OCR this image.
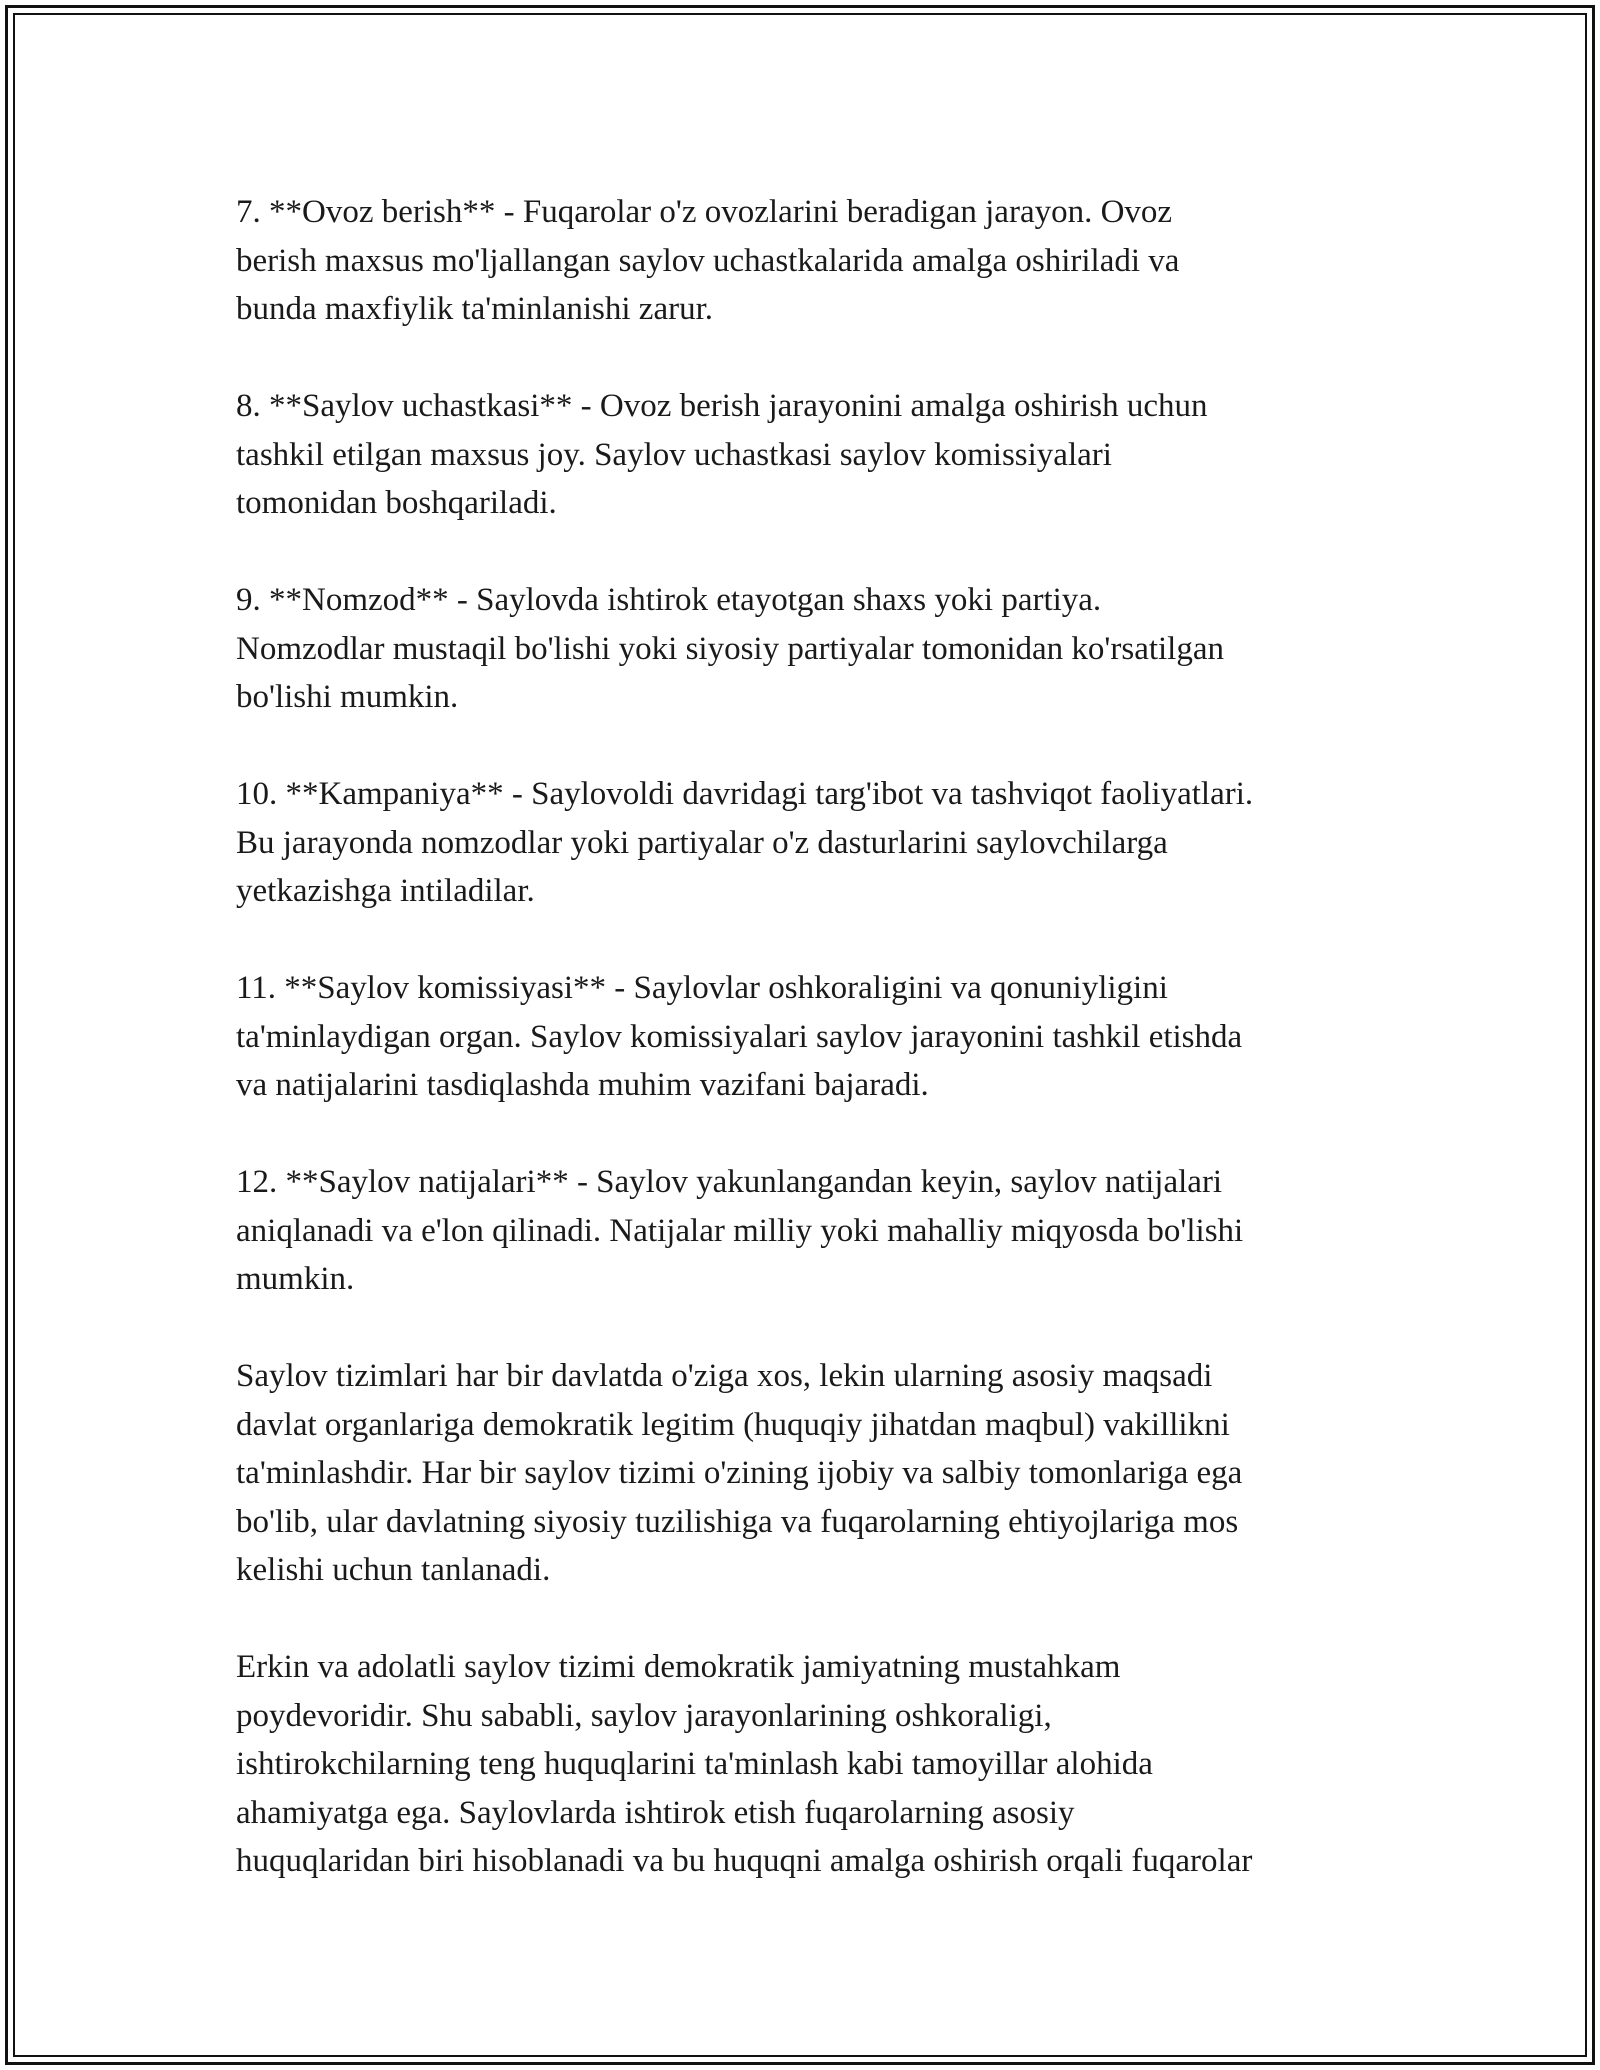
7. **Ovoz berish** - Fuqarolar o'z ovozlarini beradigan jarayon. Ovoz
berish maxsus mo'ljallangan saylov uchastkalarida amalga oshiriladi va
bunda maxfiylik ta'minlanishi zarur.

8. **Saylov uchastkasi** - Ovoz berish jarayonini amalga oshirish uchun
tashkil etilgan maxsus joy. Saylov uchastkasi saylov komissiyalari
tomonidan boshqariladi.

9. **Nomzod** - Saylovda ishtirok etayotgan shaxs yoki partiya.
Nomzodlar mustaqil bo'lishi yoki siyosiy partiyalar tomonidan ko'rsatilgan
bo'lishi mumkin.

10. **Kampaniya** - Saylovoldi davridagi targ'ibot va tashviqot faoliyatlari.
Bu jarayonda nomzodlar yoki partiyalar o'z dasturlarini saylovchilarga
yetkazishga intiladilar.

11. **Saylov komissiyasi** - Saylovlar oshkoraligini va qonuniyligini
ta'minlaydigan organ. Saylov komissiyalari saylov jarayonini tashkil etishda
va natijalarini tasdiqlashda muhim vazifani bajaradi.

12. **Saylov natijalari** - Saylov yakunlangandan keyin, saylov natijalari
aniqlanadi va e'lon qilinadi. Natijalar milliy yoki mahalliy miqyosda bo'lishi
mumkin.

Saylov tizimlari har bir davlatda o'ziga xos, lekin ularning asosiy maqsadi
davlat organlariga demokratik legitim (huquqiy jihatdan maqbul) vakillikni
ta'minlashdir. Har bir saylov tizimi o'zining ijobiy va salbiy tomonlariga ega
bo'lib, ular davlatning siyosiy tuzilishiga va fuqarolarning ehtiyojlariga mos
kelishi uchun tanlanadi.

Erkin va adolatli saylov tizimi demokratik jamiyatning mustahkam
poydevoridir. Shu sababli, saylov jarayonlarining oshkoraligi,
ishtirokchilarning teng huquqlarini ta'minlash kabi tamoyillar alohida
ahamiyatga ega. Saylovlarda ishtirok etish fuqarolarning asosiy
huquqlaridan biri hisoblanadi va bu huquqni amalga oshirish orqali fuqarolar
